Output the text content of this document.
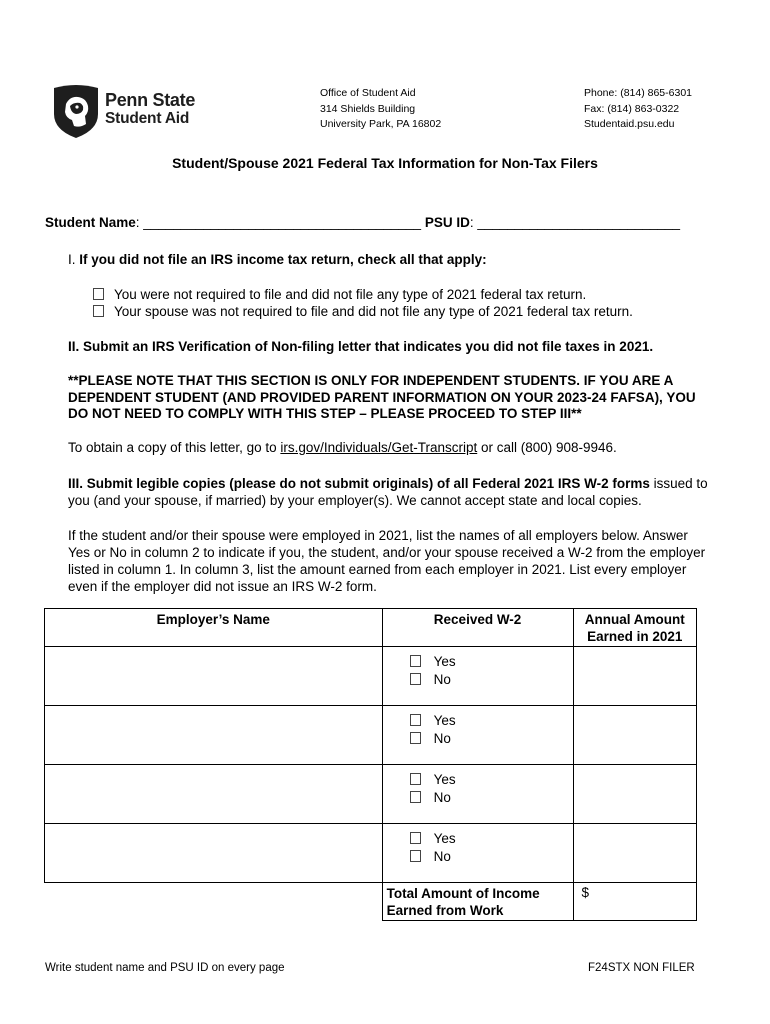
Penn State
Student Aid
Office of Student Aid
314 Shields Building
University Park, PA 16802
Phone: (814) 865-6301
Fax: (814) 863-0322
Studentaid.psu.edu
Student/Spouse 2021 Federal Tax Information for Non-Tax Filers
Student Name: _____________________________________ PSU ID: ___________________________
I. If you did not file an IRS income tax return, check all that apply:
You were not required to file and did not file any type of 2021 federal tax return.
Your spouse was not required to file and did not file any type of 2021 federal tax return.
II. Submit an IRS Verification of Non-filing letter that indicates you did not file taxes in 2021.
**PLEASE NOTE THAT THIS SECTION IS ONLY FOR INDEPENDENT STUDENTS. IF YOU ARE A
DEPENDENT STUDENT (AND PROVIDED PARENT INFORMATION ON YOUR 2023-24 FAFSA), YOU
DO NOT NEED TO COMPLY WITH THIS STEP – PLEASE PROCEED TO STEP III**
To obtain a copy of this letter, go to irs.gov/Individuals/Get-Transcript or call (800) 908-9946.
III. Submit legible copies (please do not submit originals) of all Federal 2021 IRS W-2 forms issued to
you (and your spouse, if married) by your employer(s). We cannot accept state and local copies.
If the student and/or their spouse were employed in 2021, list the names of all employers below. Answer
Yes or No in column 2 to indicate if you, the student, and/or your spouse received a W-2 from the employer
listed in column 1. In column 3, list the amount earned from each employer in 2021. List every employer
even if the employer did not issue an IRS W-2 form.
Employer’s Name	Received W-2	Annual Amount
Earned in 2021

	Yes
No	

	Yes
No	

	Yes
No	

	Yes
No	

	Total Amount of Income
Earned from Work	$
Write student name and PSU ID on every page	F24STX NON FILER
